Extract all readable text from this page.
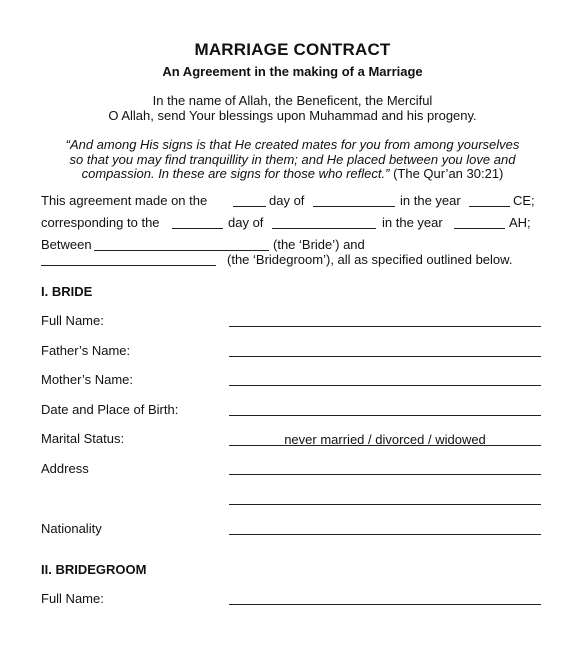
MARRIAGE CONTRACT
An Agreement in the making of a Marriage
In the name of Allah, the Beneficent, the Merciful
O Allah, send Your blessings upon Muhammad and his progeny.
“And among His signs is that He created mates for you from among yourselves
so that you may find tranquillity in them; and He placed between you love and
compassion. In these are signs for those who reflect.” (The Qur’an 30:21)
This agreement made on the	day of	in the year	CE;
corresponding to the	day of	in the year	AH;
Between	(the ‘Bride’) and
(the ‘Bridegroom’), all as specified outlined below.
I. BRIDE
Full Name:
Father’s Name:
Mother’s Name:
Date and Place of Birth:
Marital Status:	never married / divorced / widowed
Address
Nationality
II. BRIDEGROOM
Full Name:
